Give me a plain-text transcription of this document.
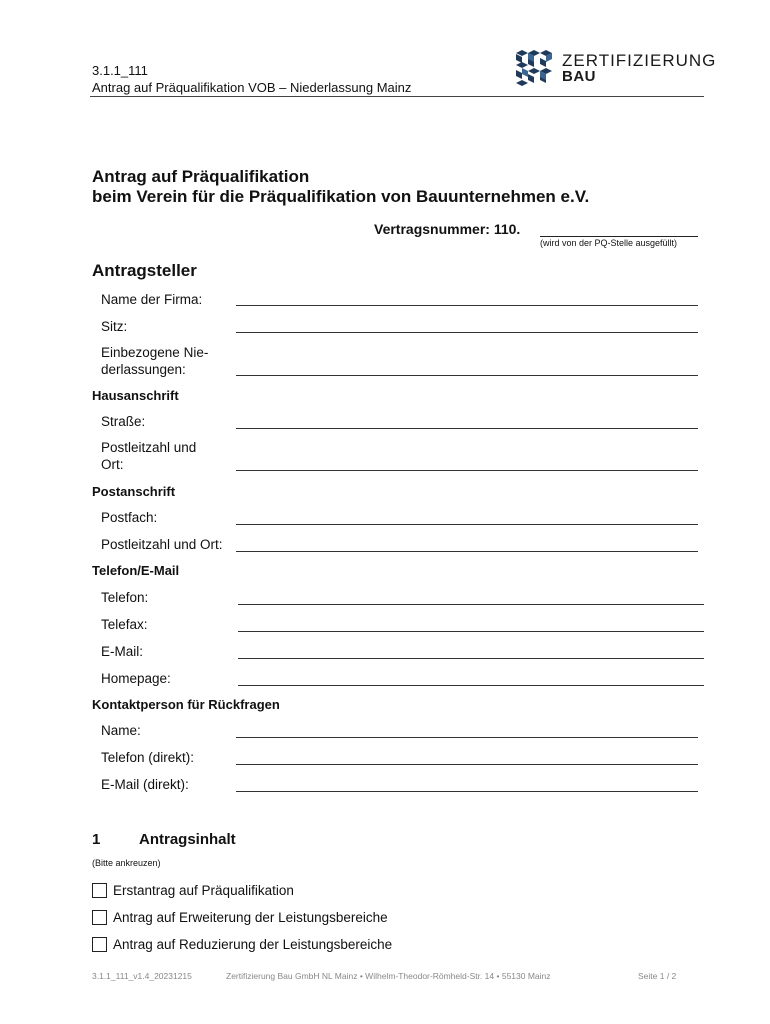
3.1.1_111
Antrag auf Präqualifikation VOB – Niederlassung Mainz
ZERTIFIZIERUNG
BAU
Antrag auf Präqualifikation
beim Verein für die Präqualifikation von Bauunternehmen e.V.
Vertragsnummer: 110.
(wird von der PQ-Stelle ausgefüllt)
Antragsteller
Name der Firma:
Sitz:
Einbezogene Nie-
derlassungen:
Hausanschrift
Straße:
Postleitzahl und
Ort:
Postanschrift
Postfach:
Postleitzahl und Ort:
Telefon/E-Mail
Telefon:
Telefax:
E-Mail:
Homepage:
Kontaktperson für Rückfragen
Name:
Telefon (direkt):
E-Mail (direkt):
1	Antragsinhalt
(Bitte ankreuzen)
Erstantrag auf Präqualifikation
Antrag auf Erweiterung der Leistungsbereiche
Antrag auf Reduzierung der Leistungsbereiche
3.1.1_111_v1.4_20231215	Zertifizierung Bau GmbH NL Mainz • Wilhelm-Theodor-Römheld-Str. 14 • 55130 Mainz	Seite 1 / 2
